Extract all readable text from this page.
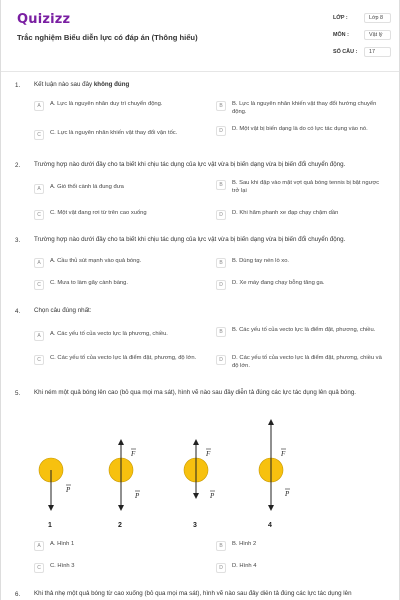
Quizizz
Trắc nghiệm Biểu diễn lực có đáp án (Thông hiểu)
LỚP :	Lớp 8
MÔN :	Vật lý
SỐ CÂU :	17
1. Kết luận nào sau đây không đúng
A	A. Lực là nguyên nhân duy trì chuyển động.	B	B. Lực là nguyên nhân khiến vật thay đổi hướng chuyển động.
C	C. Lực là nguyên nhân khiến vật thay đổi vận tốc.	D	D. Một vật bị biến dạng là do có lực tác dụng vào nó.
2. Trường hợp nào dưới đây cho ta biết khi chịu tác dụng của lực vật vừa bị biến dạng vừa bị biến đổi chuyển động.
A	A. Gió thổi cành lá đung đưa	B	B. Sau khi đập vào mặt vợt quả bóng tennis bị bật ngược trở lại
C	C. Một vật đang rơi từ trên cao xuống	D	D. Khi hãm phanh xe đạp chạy chậm dần
3. Trường hợp nào dưới đây cho ta biết khi chịu tác dụng của lực vật vừa bị biến dạng vừa bị biến đổi chuyển động.
A	A. Cầu thủ sút mạnh vào quả bóng.	B	B. Dùng tay nén lò xo.
C	C. Mưa to làm gãy cành bàng.	D	D. Xe máy đang chạy bỗng tăng ga.
4. Chọn câu đúng nhất:
A	A. Các yếu tố của vecto lực là phương, chiều.	B	B. Các yếu tố của vecto lực là điểm đặt, phương, chiều.
C	C. Các yếu tố của vecto lực là điểm đặt, phương, độ lớn.	D	D. Các yếu tố của vecto lực là điểm đặt, phương, chiều và độ lớn.
5. Khi ném một quả bóng lên cao (bỏ qua mọi ma sát), hình vẽ nào sau đây diễn tả đúng các lực tác dụng lên quả bóng.
P
1
F
P
2
F
P
3
F
P
4
A	A. Hình 1	B	B. Hình 2
C	C. Hình 3	D	D. Hình 4
6. Khi thả nhẹ một quả bóng từ cao xuống (bỏ qua mọi ma sát), hình vẽ nào sau đây diễn tả đúng các lực tác dụng lên
